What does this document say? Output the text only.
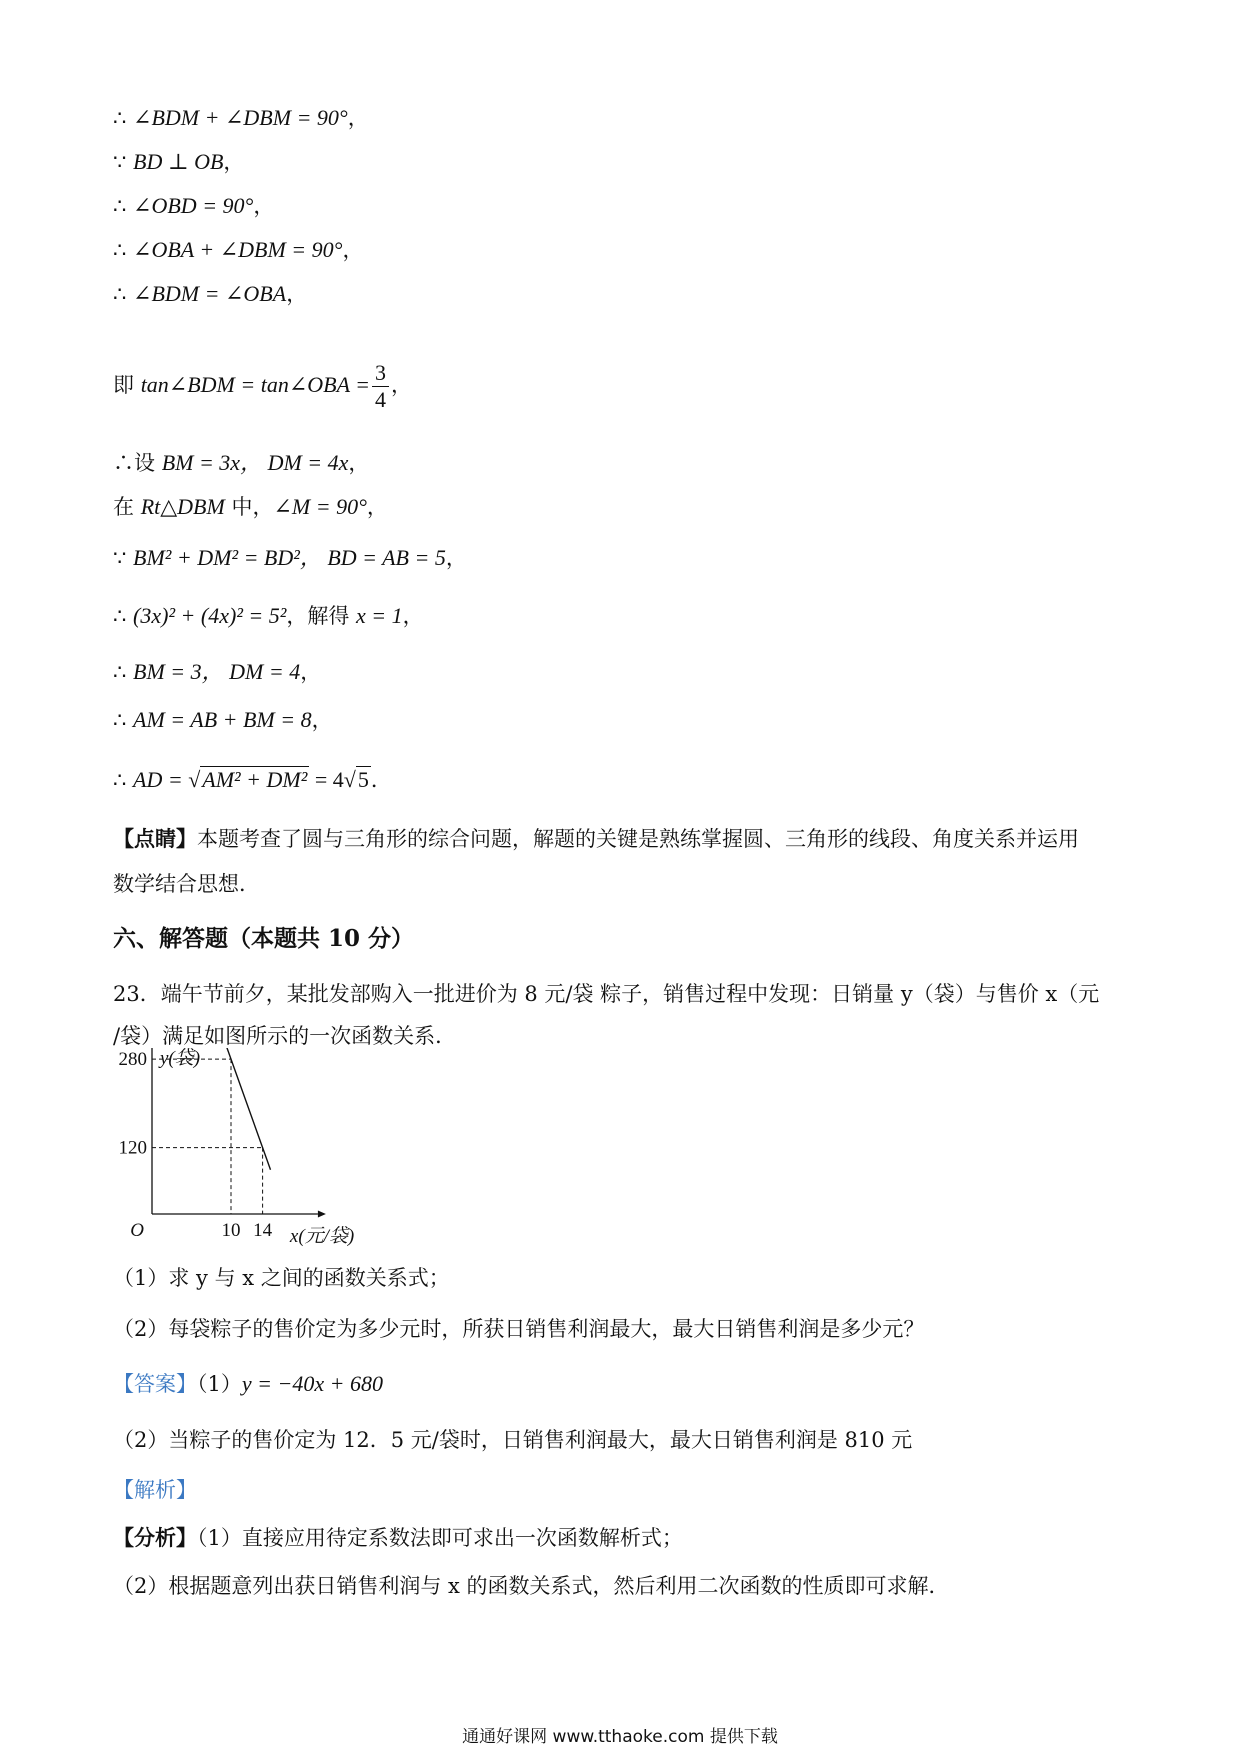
∴ ∠BDM + ∠DBM = 90°，
∵ BD ⊥ OB，
∴ ∠OBD = 90°，
∴ ∠OBA + ∠DBM = 90°，
∴ ∠BDM = ∠OBA，
即 tan∠BDM = tan∠OBA = $\frac{3}{4}$ ，
∴设 BM = 3x， DM = 4x，
在 Rt△DBM 中，∠M = 90°，
∵ BM² + DM² = BD²， BD = AB = 5，
∴ (3x)² + (4x)² = 5²，解得 x = 1，
∴ BM = 3， DM = 4，
∴ AM = AB + BM = 8，
∴ AD = √AM² + DM² = 4√5．
【点睛】本题考查了圆与三角形的综合问题，解题的关键是熟练掌握圆、三角形的线段、角度关系并运用
数学结合思想．
六、解答题（本题共 10 分）
23．端午节前夕，某批发部购入一批进价为 8 元/袋 粽子，销售过程中发现：日销量 y（袋）与售价 x（元
/袋）满足如图所示的一次函数关系．
10
280
14
120
O
y(袋)
x(元/袋)
（1）求 y 与 x 之间的函数关系式；
（2）每袋粽子的售价定为多少元时，所获日销售利润最大，最大日销售利润是多少元？
【答案】（1）y = −40x + 680
（2）当粽子的售价定为 12．5 元/袋时，日销售利润最大，最大日销售利润是 810 元
【解析】
【分析】（1）直接应用待定系数法即可求出一次函数解析式；
（2）根据题意列出获日销售利润与 x 的函数关系式，然后利用二次函数的性质即可求解．
通通好课网 www.tthaoke.com 提供下载
